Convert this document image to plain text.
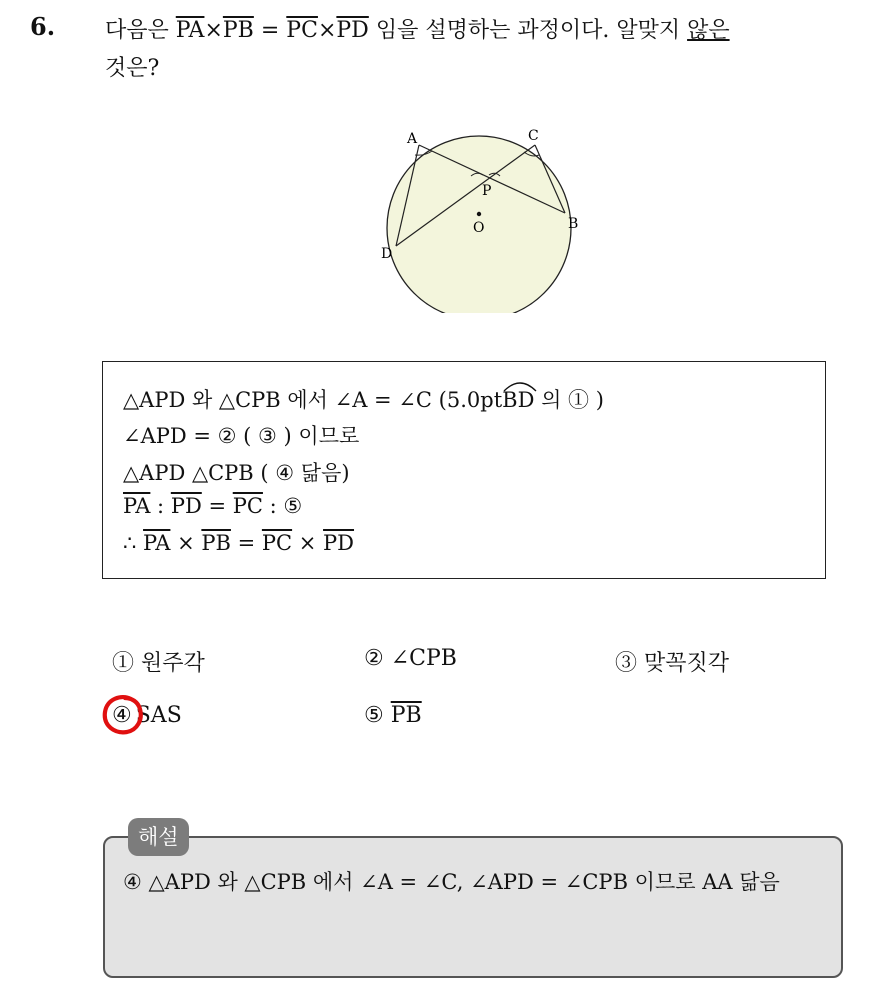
6. 다음은 $\overline{PA}\times\overline{PB} = \overline{PC}\times\overline{PD}$ 임을 설명하는 과정이다. 알맞지 않은
것은?
A	C
P
O	B
D
△APD 와 △CPB 에서 ∠A = ∠C (5.0pt
BD 의 ① )
∠APD = ② ( ③ ) 이므로
△APD △CPB ( ④ 닮음)
$\overline{PA}$ : $\overline{PD} = \overline{PC}$ : ⑤
∴ $\overline{PA} \times \overline{PB} = \overline{PC} \times \overline{PD}$
① 원주각	② ∠CPB	③ 맞꼭짓각
④ SAS	⑤ $\overline{PB}$
④ △APD 와 △CPB 에서 ∠A = ∠C, ∠APD = ∠CPB 이므로 AA 닮음
해설
